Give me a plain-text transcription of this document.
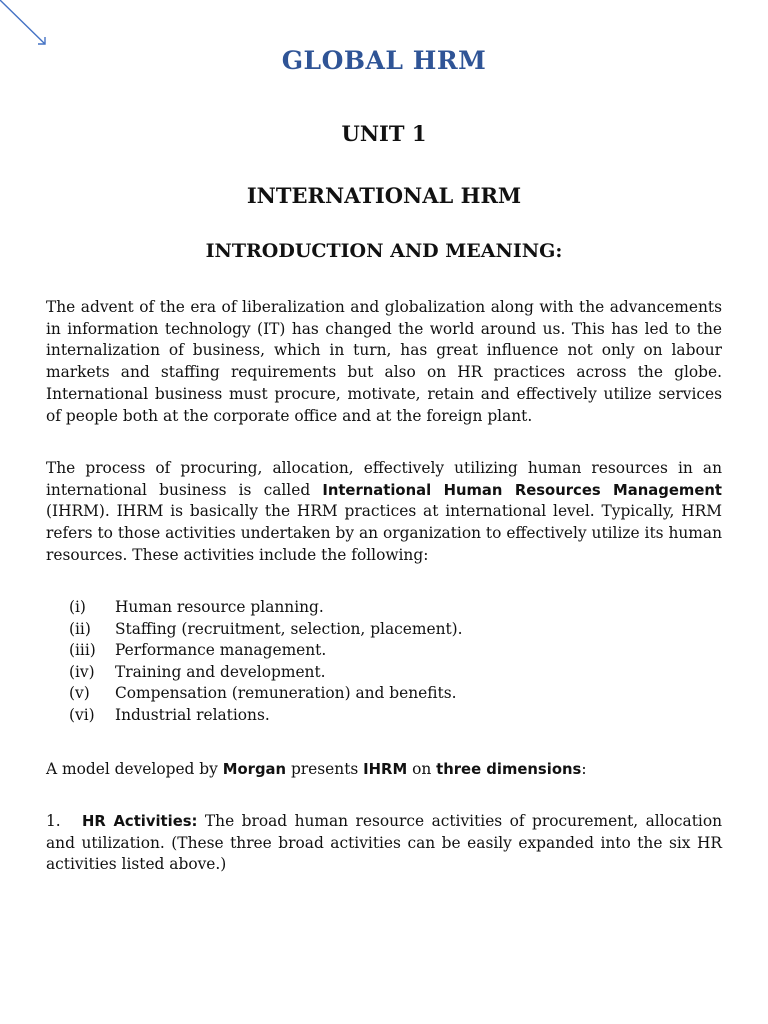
GLOBAL HRM
UNIT 1
INTERNATIONAL HRM
INTRODUCTION AND MEANING:

The advent of the era of liberalization and globalization along with the advancements in information technology (IT) has changed the world around us. This has led to the internalization of business, which in turn, has great influence not only on labour markets and staffing requirements but also on HR practices across the globe. International business must procure, motivate, retain and effectively utilize services of people both at the corporate office and at the foreign plant.

The process of procuring, allocation, effectively utilizing human resources in an international business is called International Human Resources Management (IHRM). IHRM is basically the HRM practices at international level. Typically, HRM refers to those activities undertaken by an organization to effectively utilize its human resources. These activities include the following:

(i)	Human resource planning.
(ii)	Staffing (recruitment, selection, placement).
(iii)	Performance management.
(iv)	Training and development.
(v)	Compensation (remuneration) and benefits.
(vi)	Industrial relations.

A model developed by Morgan presents IHRM on three dimensions:

1. HR Activities: The broad human resource activities of procurement, allocation and utilization. (These three broad activities can be easily expanded into the six HR activities listed above.)
